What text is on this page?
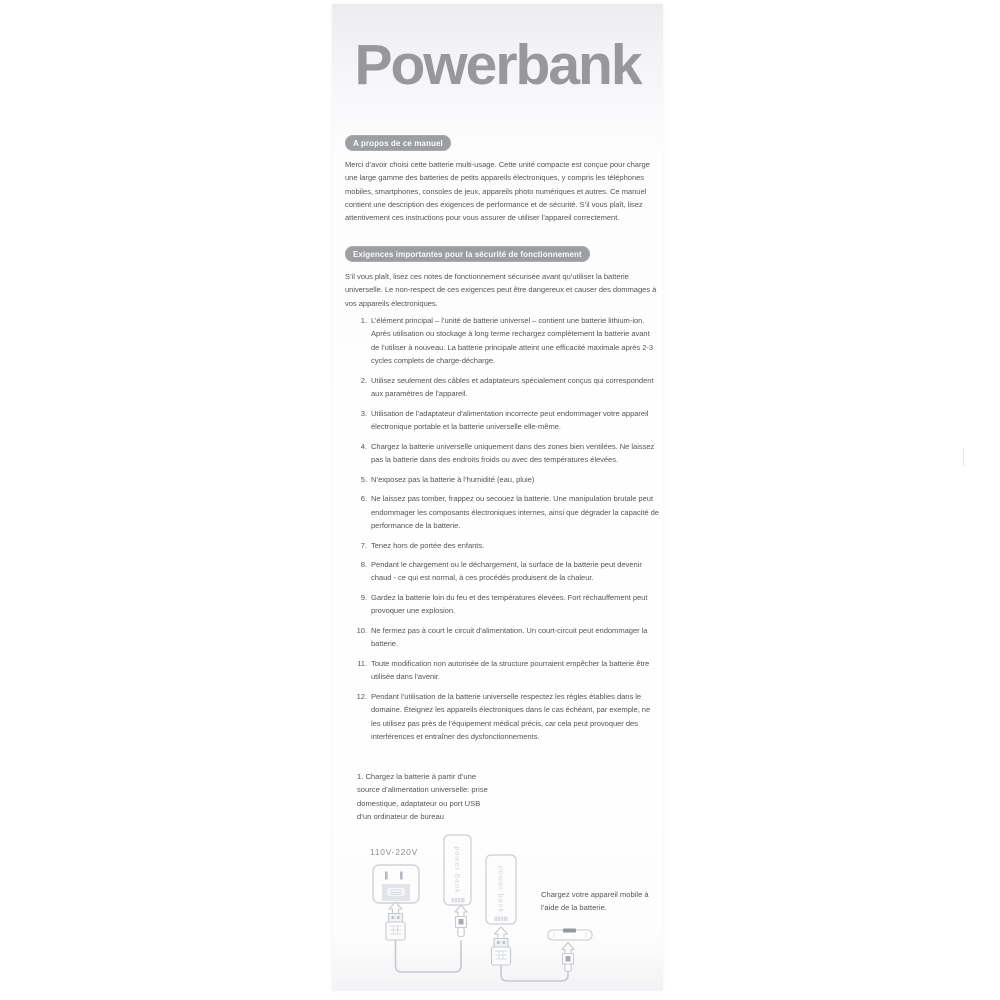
Powerbank
A propos de ce manuel

Merci d’avoir choisi cette batterie multi-usage. Cette unité compacte est conçue pour charge une large gamme des batteries de petits appareils électroniques, y compris les téléphones mobiles, smartphones, consoles de jeux, appareils photo numériques et autres. Ce manuel contient une description des exigences de performance et de sécurité. S’il vous plaît, lisez attentivement ces instructions pour vous assurer de utiliser l’appareil correctement.

Exigences importantes pour la sécurité de fonctionnement

S’il vous plaît, lisez ces notes de fonctionnement sécurisée avant qu’utiliser la batterie universelle. Le non-respect de ces exigences peut être dangereux et causer des dommages à vos appareils électroniques.

1. L’élément principal – l’unité de batterie universel – contient une batterie lithium-ion. Après utilisation ou stockage à long terme rechargez complètement la batterie avant de l’utiliser à nouveau. La batterie principale atteint une efficacité maximale après 2-3 cycles complets de charge-décharge.
2. Utilisez seulement des câbles et adaptateurs spécialement conçus qui correspondent aux paramètres de l’appareil.
3. Utilisation de l’adaptateur d’alimentation incorrecte peut endommager votre appareil électronique portable et la batterie universelle elle-même.
4. Chargez la batterie universelle uniquement dans des zones bien ventilées. Ne laissez pas la batterie dans des endroits froids ou avec des températures élevées.
5. N’exposez pas la batterie à l’humidité (eau, pluie)
6. Ne laissez pas tomber, frappez ou secouez la batterie. Une manipulation brutale peut endommager les composants électroniques internes, ainsi que dégrader la capacité de performance de la batterie.
7. Tenez hors de portée des enfants.
8. Pendant le chargement ou le déchargement, la surface de la batterie peut devenir chaud - ce qui est normal, à ces procédés produisent de la chaleur.
9. Gardez la batterie loin du feu et des températures élevées. Fort réchauffement peut provoquer une explosion.
10. Ne fermez pas à court le circuit d’alimentation. Un court-circuit peut endommager la batterie.
11. Toute modification non autorisée de la structure pourraient empêcher la batterie être utilisée dans l’avenir.
12. Pendant l’utilisation de la batterie universelle respectez les règles établies dans le domaine. Éteignez les appareils électroniques dans le cas échéant, par exemple, ne les utilisez pas près de l’équipement médical précis, car cela peut provoquer des interférences et entraîner des dysfonctionnements.
1. Chargez la batterie à partir d’une source d’alimentation universelle: prise domestique, adaptateur ou port USB d’un ordinateur de bureau
110V-220V	power bank	power bank	Chargez votre appareil mobile à l’aide de la batterie.
